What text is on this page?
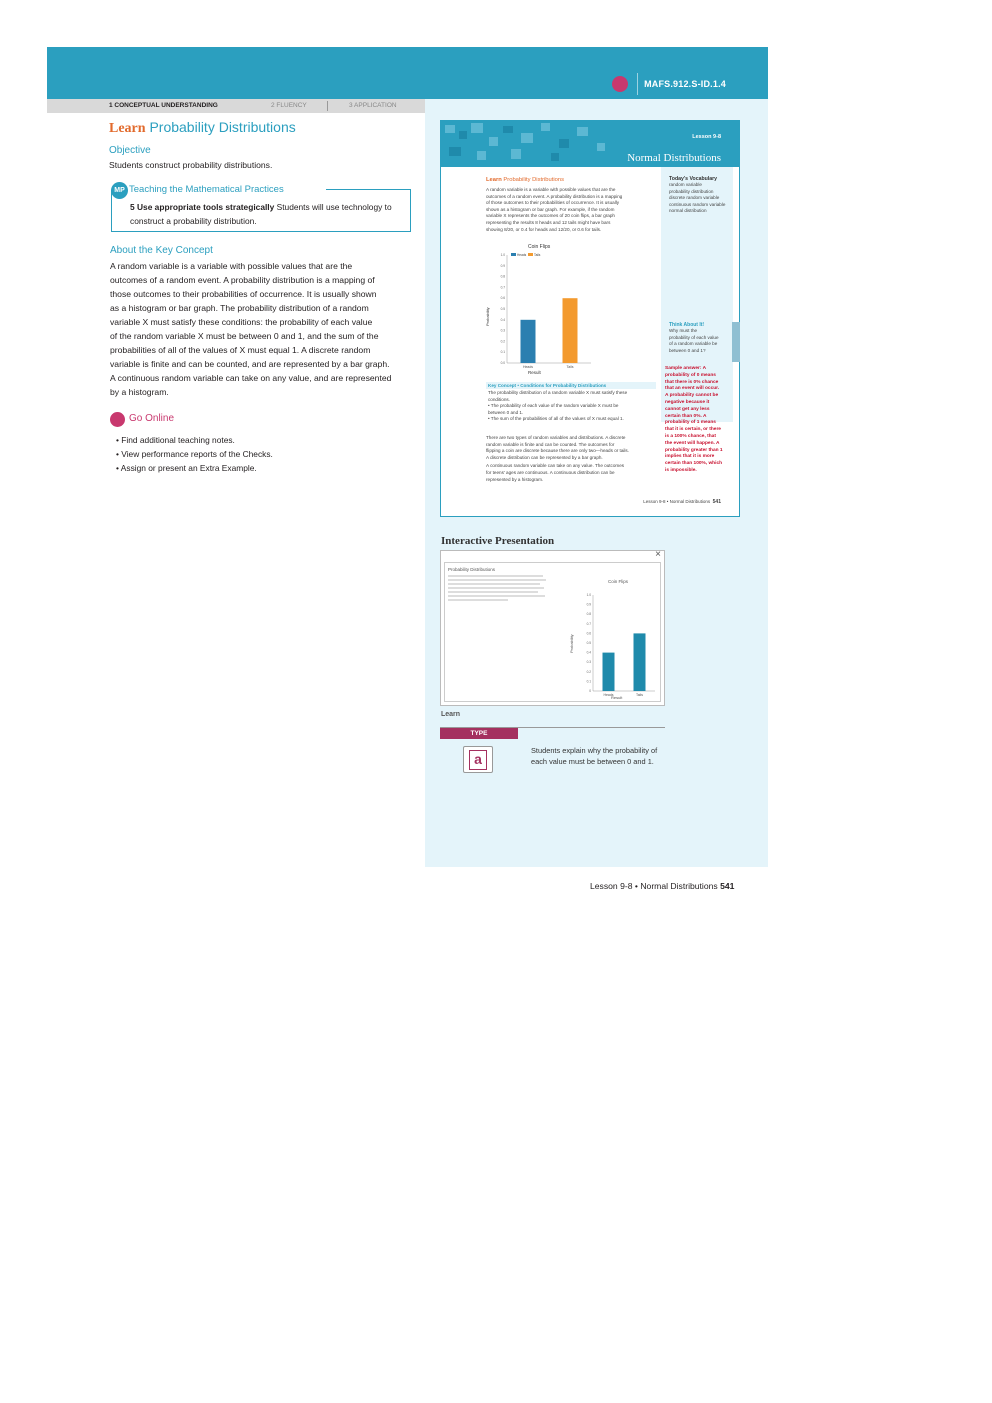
MAFS.912.S-ID.1.4
1 CONCEPTUAL UNDERSTANDING	2 FLUENCY	3 APPLICATION
Learn Probability Distributions
Objective
Students construct probability distributions.
MP Teaching the Mathematical Practices
5 Use appropriate tools strategically Students will use technology to construct a probability distribution.
About the Key Concept
A random variable is a variable with possible values that are the
outcomes of a random event. A probability distribution is a mapping of
those outcomes to their probabilities of occurrence. It is usually shown
as a histogram or bar graph. The probability distribution of a random
variable X must satisfy these conditions: the probability of each value
of the random variable X must be between 0 and 1, and the sum of the
probabilities of all of the values of X must equal 1. A discrete random
variable is finite and can be counted, and are represented by a bar graph.
A continuous random variable can take on any value, and are represented
by a histogram.
Go Online
• Find additional teaching notes.
• View performance reports of the Checks.
• Assign or present an Extra Example.
Lesson 9-8
Normal Distributions
Today's Vocabulary
random variable
probability distribution
discrete random variable
continuous random variable
normal distribution
Think About It!
Why must the
probability of each value
of a random variable be
between 0 and 1?
Sample answer: A
probability of 0 means
that there is 0% chance
that an event will occur.
A probability cannot be
negative because it
cannot get any less
certain than 0%. A
probability of 1 means
that it is certain, or there
is a 100% chance, that
the event will happen. A
probability greater than 1
implies that it is more
certain than 100%, which
is impossible.
Learn Probability Distributions
A random variable is a variable with possible values that are the
outcomes of a random event. A probability distribution is a mapping
of those outcomes to their probabilities of occurrence. It is usually
shown as a histogram or bar graph. For example, if the random
variable X represents the outcomes of 20 coin flips, a bar graph
representing the results 8 heads and 12 tails might have bars
showing 8/20, or 0.4 for heads and 12/20, or 0.6 for tails.
Coin Flips
Heads Tails
Probability
Result
0.0
0.1
0.2
0.3
0.4
0.5
0.6
0.7
0.8
0.9
1.0
Heads	Tails
Key Concept • Conditions for Probability Distributions
The probability distribution of a random variable X must satisfy these
conditions.
• The probability of each value of the random variable X must be
between 0 and 1.
• The sum of the probabilities of all of the values of X must equal 1.
There are two types of random variables and distributions. A discrete
random variable is finite and can be counted. The outcomes for
flipping a coin are discrete because there are only two—heads or tails.
A discrete distribution can be represented by a bar graph.
A continuous random variable can take on any value. The outcomes
for teens' ages are continuous. A continuous distribution can be
represented by a histogram.
Lesson 9-8 • Normal Distributions 541
Interactive Presentation
×
Probability Distributions
Coin Flips
Probability
Result
0
0.1
0.2
0.3
0.4
0.5
0.6
0.7
0.8
0.9
1.0
Heads	Tails
Learn
TYPE
a
Students explain why the probability of
each value must be between 0 and 1.
Lesson 9-8 • Normal Distributions 541
